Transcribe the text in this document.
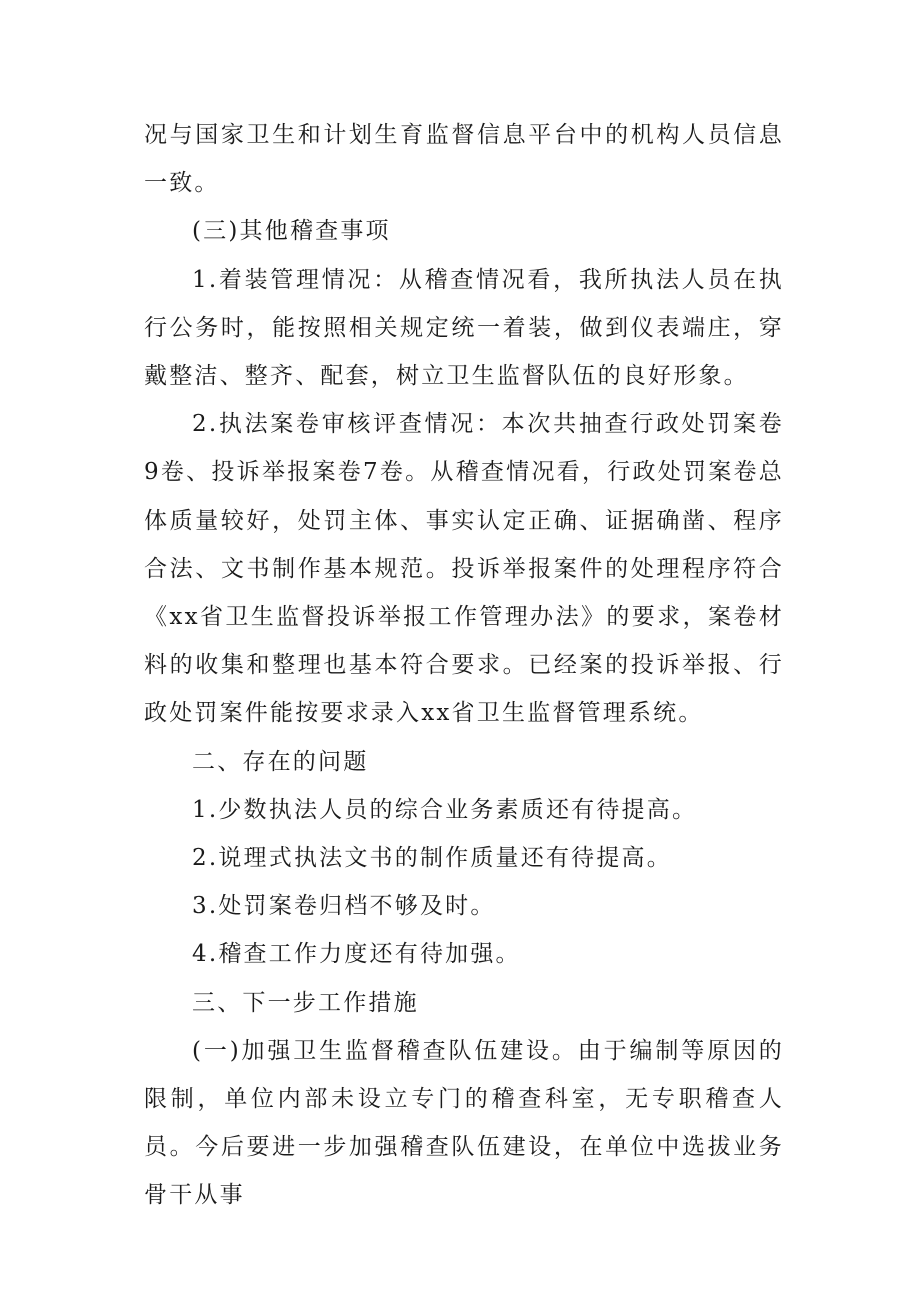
况与国家卫生和计划生育监督信息平台中的机构人员信息一致。

(三)其他稽查事项

1.着装管理情况：从稽查情况看，我所执法人员在执行公务时，能按照相关规定统一着装，做到仪表端庄，穿戴整洁、整齐、配套，树立卫生监督队伍的良好形象。

2.执法案卷审核评查情况：本次共抽查行政处罚案卷9卷、投诉举报案卷7卷。从稽查情况看，行政处罚案卷总体质量较好，处罚主体、事实认定正确、证据确凿、程序合法、文书制作基本规范。投诉举报案件的处理程序符合《xx省卫生监督投诉举报工作管理办法》的要求，案卷材料的收集和整理也基本符合要求。已经案的投诉举报、行政处罚案件能按要求录入xx省卫生监督管理系统。

二、存在的问题

1.少数执法人员的综合业务素质还有待提高。

2.说理式执法文书的制作质量还有待提高。

3.处罚案卷归档不够及时。

4.稽查工作力度还有待加强。

三、下一步工作措施

(一)加强卫生监督稽查队伍建设。由于编制等原因的限制，单位内部未设立专门的稽查科室，无专职稽查人员。今后要进一步加强稽查队伍建设，在单位中选拔业务骨干从事
